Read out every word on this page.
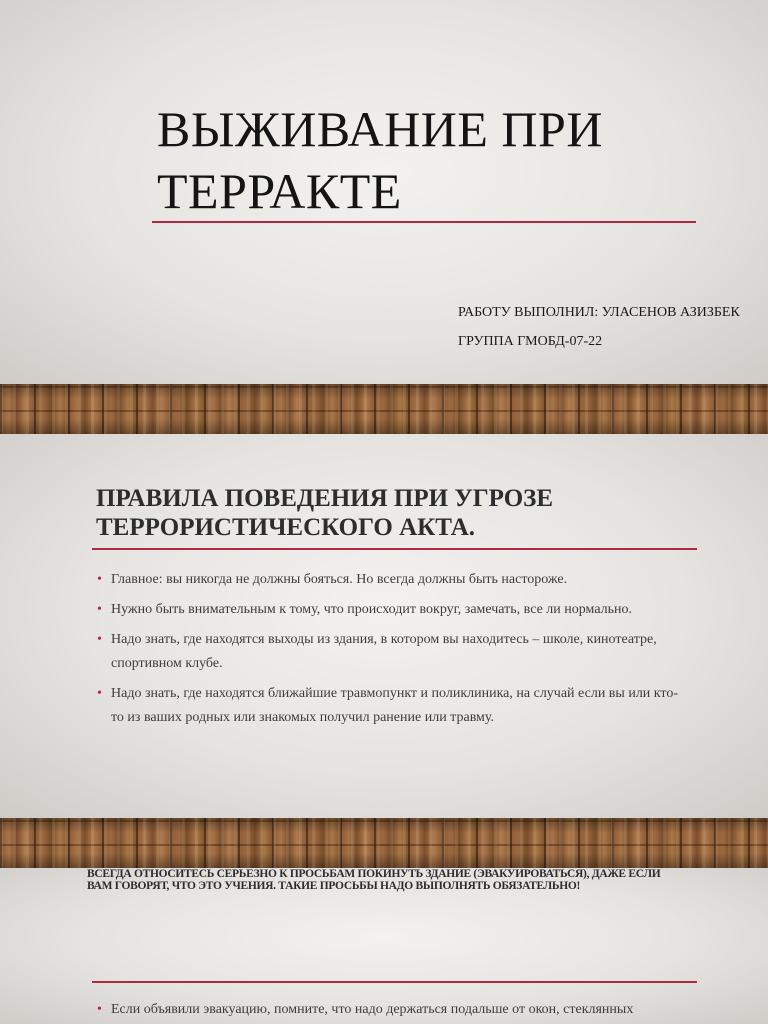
ВЫЖИВАНИЕ ПРИ
ТЕРРАКТЕ
РАБОТУ ВЫПОЛНИЛ: УЛАСЕНОВ АЗИЗБЕК
ГРУППА ГМОБД-07-22
ПРАВИЛА ПОВЕДЕНИЯ ПРИ УГРОЗЕ
ТЕРРОРИСТИЧЕСКОГО АКТА.
• Главное: вы никогда не должны бояться. Но всегда должны быть настороже.
• Нужно быть внимательным к тому, что происходит вокруг, замечать, все ли нормально.
• Надо знать, где находятся выходы из здания, в котором вы находитесь – школе, кинотеатре, спортивном клубе.
• Надо знать, где находятся ближайшие травмопункт и поликлиника, на случай если вы или кто-то из ваших родных или знакомых получил ранение или травму.
ВСЕГДА ОТНОСИТЕСЬ СЕРЬЕЗНО К ПРОСЬБАМ ПОКИНУТЬ ЗДАНИЕ (ЭВАКУИРОВАТЬСЯ), ДАЖЕ ЕСЛИ ВАМ ГОВОРЯТ, ЧТО ЭТО УЧЕНИЯ. ТАКИЕ ПРОСЬБЫ НАДО ВЫПОЛНЯТЬ ОБЯЗАТЕЛЬНО!
• Если объявили эвакуацию, помните, что надо держаться подальше от окон, стеклянных
